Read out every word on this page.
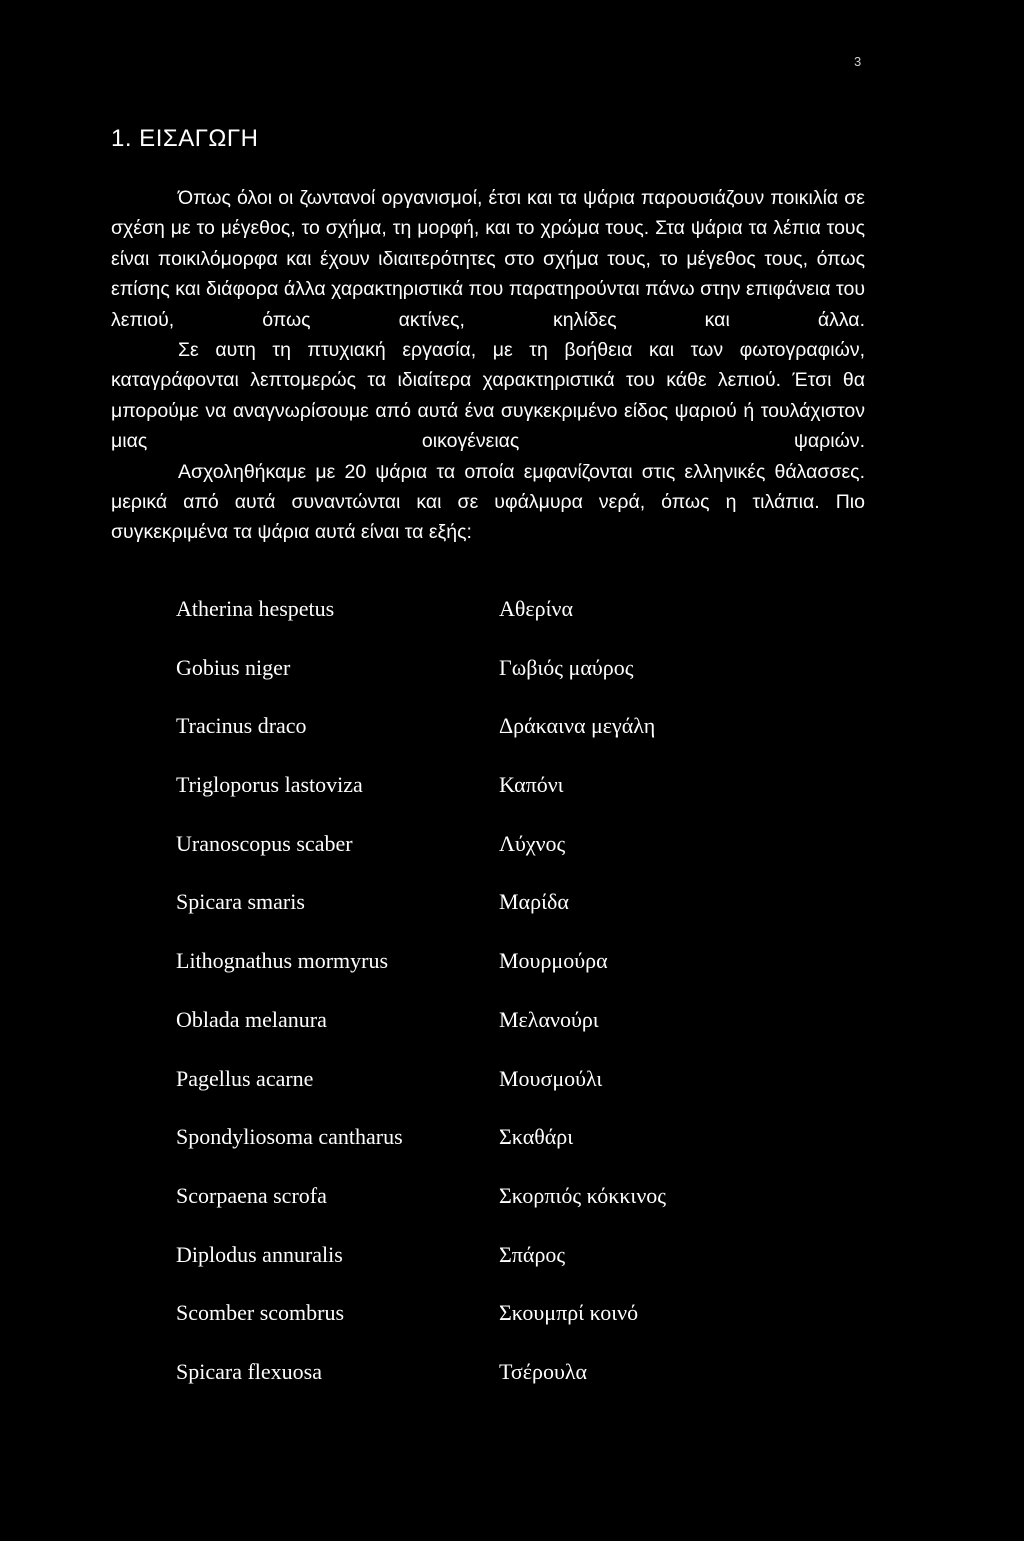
3
1. ΕΙΣΑΓΩΓΗ

Όπως όλοι οι ζωντανοί οργανισμοί, έτσι και τα ψάρια παρουσιάζουν ποικιλία σε σχέση με το μέγεθος, το σχήμα, τη μορφή, και το χρώμα τους. Στα ψάρια τα λέπια τους είναι ποικιλόμορφα και έχουν ιδιαιτερότητες στο σχήμα τους, το μέγεθος τους, όπως επίσης και διάφορα άλλα χαρακτηριστικά που παρατηρούνται πάνω στην επιφάνεια του λεπιού, όπως ακτίνες, κηλίδες και άλλα.

Σε αυτη τη πτυχιακή εργασία, με τη βοήθεια και των φωτογραφιών, καταγράφονται λεπτομερώς τα ιδιαίτερα χαρακτηριστικά του κάθε λεπιού. Έτσι θα μπορούμε να αναγνωρίσουμε από αυτά ένα συγκεκριμένο είδος ψαριού ή τουλάχιστον μιας οικογένειας ψαριών.

Ασχοληθήκαμε με 20 ψάρια τα οποία εμφανίζονται στις ελληνικές θάλασσες. μερικά από αυτά συναντώνται και σε υφάλμυρα νερά, όπως η τιλάπια. Πιο συγκεκριμένα τα ψάρια αυτά είναι τα εξής:

Atherina hespetus	Αθερίνα
Gobius niger	Γωβιός μαύρος
Tracinus draco	Δράκαινα μεγάλη
Trigloporus lastoviza	Καπόνι
Uranoscopus scaber	Λύχνος
Spicara smaris	Μαρίδα
Lithognathus mormyrus	Μουρμούρα
Oblada melanura	Μελανούρι
Pagellus acarne	Μουσμούλι
Spondyliosoma cantharus	Σκαθάρι
Scorpaena scrofa	Σκορπιός κόκκινος
Diplodus annuralis	Σπάρος
Scomber scombrus	Σκουμπρί κοινό
Spicara flexuosa	Τσέρουλα
